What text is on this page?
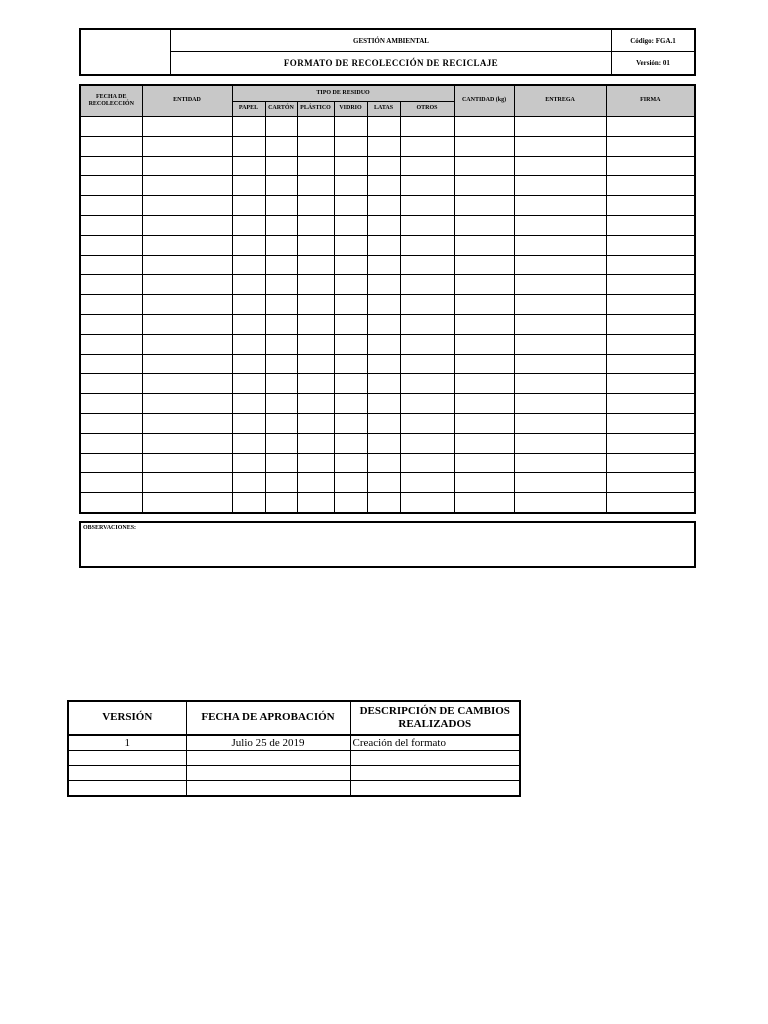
	GESTIÓN AMBIENTAL	Código: FGA.1
	FORMATO DE RECOLECCIÓN DE RECICLAJE	Versión: 01
FECHA DE RECOLECCIÓN	ENTIDAD	TIPO DE RESIDUO						CANTIDAD (kg)	ENTREGA	FIRMA
		PAPEL	CARTÓN	PLÁSTICO	VIDRIO	LATAS	OTROS			

OBSERVACIONES:
VERSIÓN	FECHA DE APROBACIÓN	DESCRIPCIÓN DE CAMBIOS REALIZADOS
1	Julio 25 de 2019	Creación del formato
